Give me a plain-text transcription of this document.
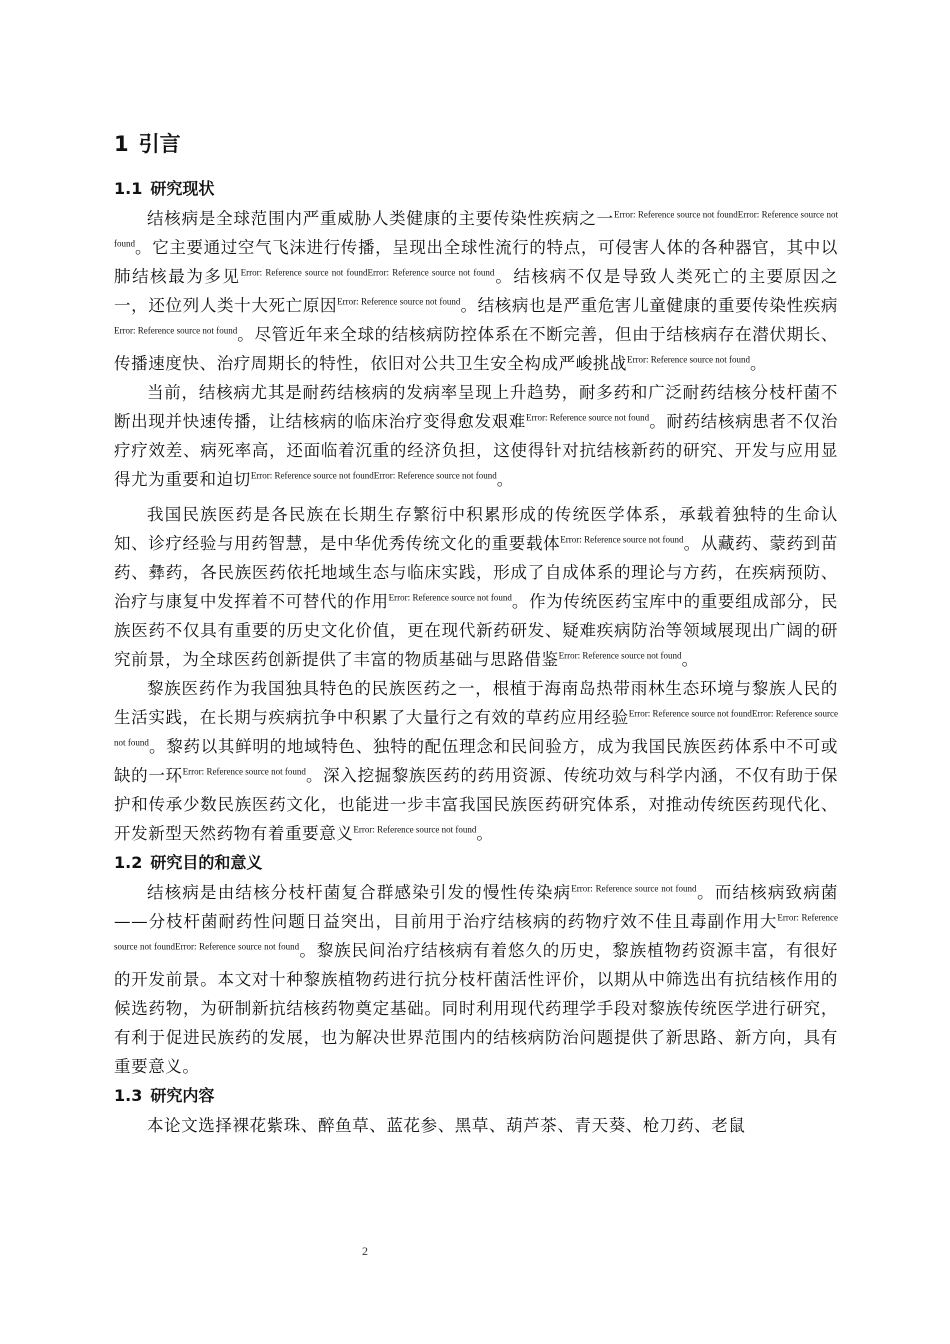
1 引言
1.1 研究现状

结核病是全球范围内严重威胁人类健康的主要传染性疾病之一$^{Error: Reference source not foundError: Reference source not found}$。它主要通过空气飞沫进行传播，呈现出全球性流行的特点，可侵害人体的各种器官，其中以肺结核最为多见$^{Error: Reference source not foundError: Reference source not found}$。结核病不仅是导致人类死亡的主要原因之一，还位列人类十大死亡原因$^{Error: Reference source not found}$。结核病也是严重危害儿童健康的重要传染性疾病$^{Error: Reference source not found}$。尽管近年来全球的结核病防控体系在不断完善，但由于结核病存在潜伏期长、传播速度快、治疗周期长的特性，依旧对公共卫生安全构成严峻挑战$^{Error: Reference source not found}$。

当前，结核病尤其是耐药结核病的发病率呈现上升趋势，耐多药和广泛耐药结核分枝杆菌不断出现并快速传播，让结核病的临床治疗变得愈发艰难$^{Error: Reference source not found}$。耐药结核病患者不仅治疗疗效差、病死率高，还面临着沉重的经济负担，这使得针对抗结核新药的研究、开发与应用显得尤为重要和迫切$^{Error: Reference source not foundError: Reference source not found}$。

我国民族医药是各民族在长期生存繁衍中积累形成的传统医学体系，承载着独特的生命认知、诊疗经验与用药智慧，是中华优秀传统文化的重要载体$^{Error: Reference source not found}$。从藏药、蒙药到苗药、彝药，各民族医药依托地域生态与临床实践，形成了自成体系的理论与方药，在疾病预防、治疗与康复中发挥着不可替代的作用$^{Error: Reference source not found}$。作为传统医药宝库中的重要组成部分，民族医药不仅具有重要的历史文化价值，更在现代新药研发、疑难疾病防治等领域展现出广阔的研究前景，为全球医药创新提供了丰富的物质基础与思路借鉴$^{Error: Reference source not found}$。

黎族医药作为我国独具特色的民族医药之一，根植于海南岛热带雨林生态环境与黎族人民的生活实践，在长期与疾病抗争中积累了大量行之有效的草药应用经验$^{Error: Reference source not foundError: Reference source not found}$。黎药以其鲜明的地域特色、独特的配伍理念和民间验方，成为我国民族医药体系中不可或缺的一环$^{Error: Reference source not found}$。深入挖掘黎族医药的药用资源、传统功效与科学内涵，不仅有助于保护和传承少数民族医药文化，也能进一步丰富我国民族医药研究体系，对推动传统医药现代化、开发新型天然药物有着重要意义$^{Error: Reference source not found}$。

1.2 研究目的和意义

结核病是由结核分枝杆菌复合群感染引发的慢性传染病$^{Error: Reference source not found}$。而结核病致病菌——分枝杆菌耐药性问题日益突出，目前用于治疗结核病的药物疗效不佳且毒副作用大$^{Error: Reference source not foundError: Reference source not found}$。黎族民间治疗结核病有着悠久的历史，黎族植物药资源丰富，有很好的开发前景。本文对十种黎族植物药进行抗分枝杆菌活性评价，以期从中筛选出有抗结核作用的候选药物，为研制新抗结核药物奠定基础。同时利用现代药理学手段对黎族传统医学进行研究，有利于促进民族药的发展，也为解决世界范围内的结核病防治问题提供了新思路、新方向，具有重要意义。

1.3 研究内容

本论文选择裸花紫珠、醉鱼草、蓝花参、黑草、葫芦茶、青天葵、枪刀药、老鼠

2
